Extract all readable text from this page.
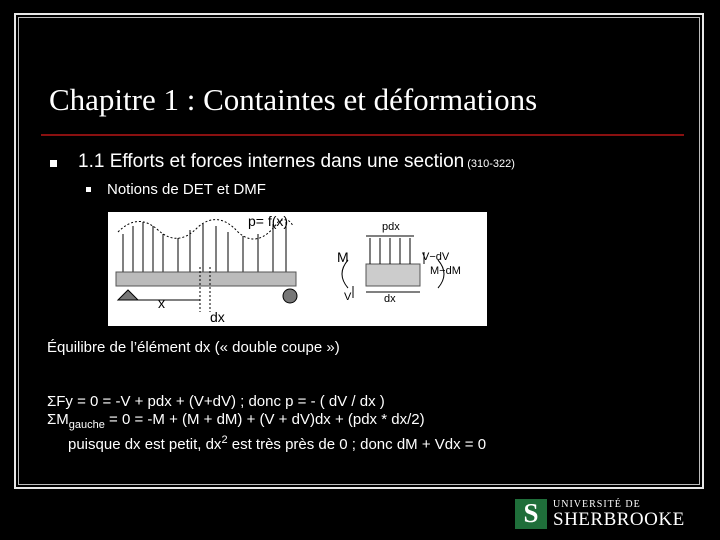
Chapitre 1 : Containtes et déformations
1.1 Efforts et forces internes dans une section (310-322)
Notions de DET et DMF
p= f(x)
x
dx
pdx
M
V
V−dV
M−dM
dx
Équilibre de l’élément dx (« double coupe »)
ΣFy = 0 = -V + pdx + (V+dV) ; donc p = - ( dV / dx )
$\Sigma M_{gauche} = 0 = -M + (M + dM) + (V + dV)dx + (pdx * dx/2)$
puisque dx est petit, $dx^2$ est très près de 0 ; donc dM + Vdx = 0
S	UNIVERSITÉ DE
SHERBROOKE
